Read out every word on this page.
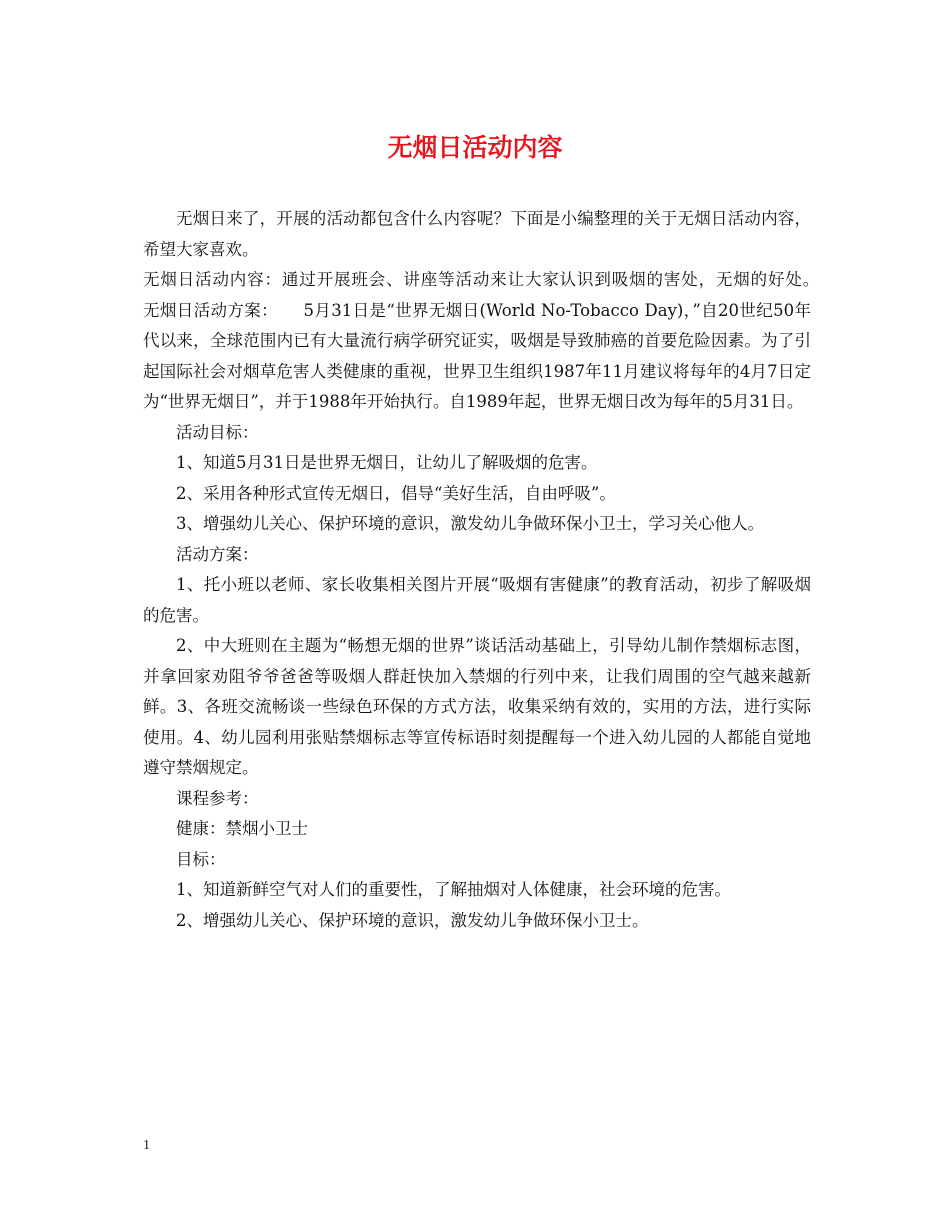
无烟日活动内容

无烟日来了，开展的活动都包含什么内容呢？下面是小编整理的关于无烟日活动内容，希望大家喜欢。

无烟日活动内容：通过开展班会、讲座等活动来让大家认识到吸烟的害处，无烟的好处。　无烟日活动方案：　　5月31日是“世界无烟日(World No-Tobacco Day)，”自20世纪50年代以来，全球范围内已有大量流行病学研究证实，吸烟是导致肺癌的首要危险因素。为了引起国际社会对烟草危害人类健康的重视，世界卫生组织1987年11月建议将每年的4月7日定为“世界无烟日”，并于1988年开始执行。自1989年起，世界无烟日改为每年的5月31日。

活动目标：

1、知道5月31日是世界无烟日，让幼儿了解吸烟的危害。

2、采用各种形式宣传无烟日，倡导“美好生活，自由呼吸”。

3、增强幼儿关心、保护环境的意识，激发幼儿争做环保小卫士，学习关心他人。

活动方案：

1、托小班以老师、家长收集相关图片开展“吸烟有害健康”的教育活动，初步了解吸烟的危害。

2、中大班则在主题为“畅想无烟的世界”谈话活动基础上，引导幼儿制作禁烟标志图，并拿回家劝阻爷爷爸爸等吸烟人群赶快加入禁烟的行列中来，让我们周围的空气越来越新鲜。3、各班交流畅谈一些绿色环保的方式方法，收集采纳有效的，实用的方法，进行实际使用。4、幼儿园利用张贴禁烟标志等宣传标语时刻提醒每一个进入幼儿园的人都能自觉地遵守禁烟规定。

课程参考：

健康：禁烟小卫士

目标：

1、知道新鲜空气对人们的重要性，了解抽烟对人体健康，社会环境的危害。

2、增强幼儿关心、保护环境的意识，激发幼儿争做环保小卫士。

1
